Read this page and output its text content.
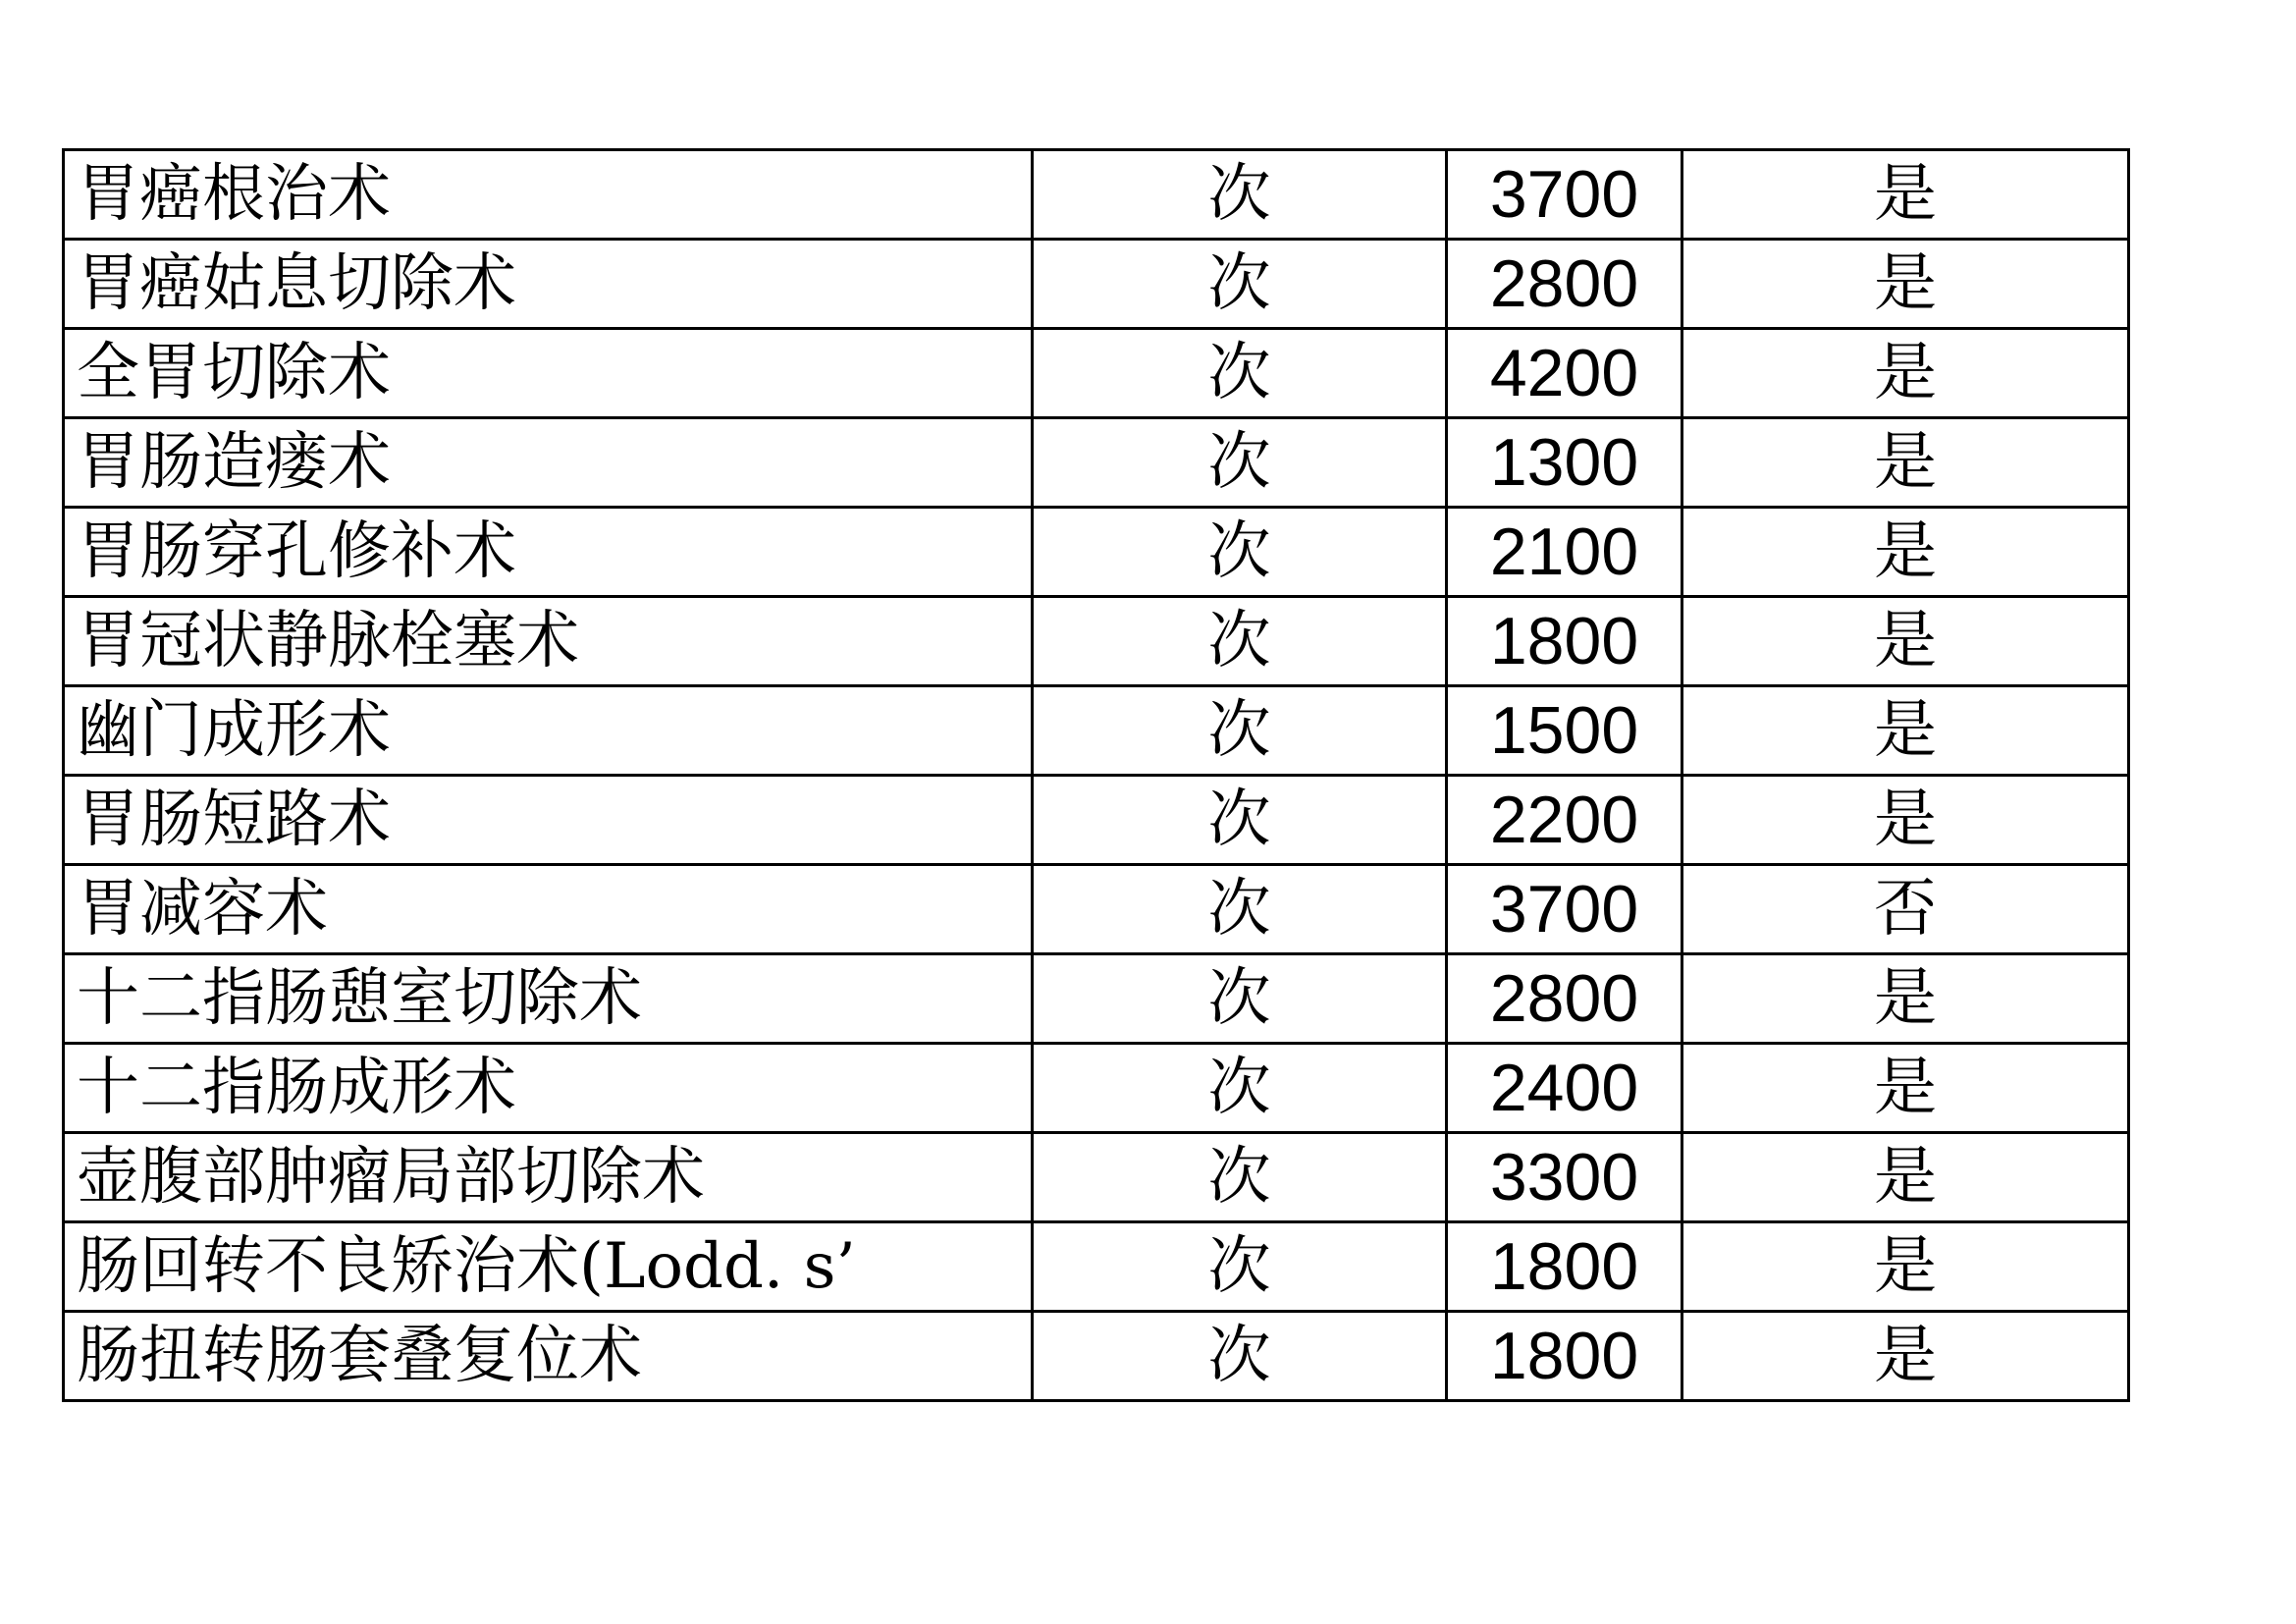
胃癌根治术	次	3700	是
胃癌姑息切除术	次	2800	是
全胃切除术	次	4200	是
胃肠造瘘术	次	1300	是
胃肠穿孔修补术	次	2100	是
胃冠状静脉栓塞术	次	1800	是
幽门成形术	次	1500	是
胃肠短路术	次	2200	是
胃减容术	次	3700	否
十二指肠憩室切除术	次	2800	是
十二指肠成形术	次	2400	是
壶腹部肿瘤局部切除术	次	3300	是
肠回转不良矫治术(Lodd. s’	次	1800	是
肠扭转肠套叠复位术	次	1800	是
